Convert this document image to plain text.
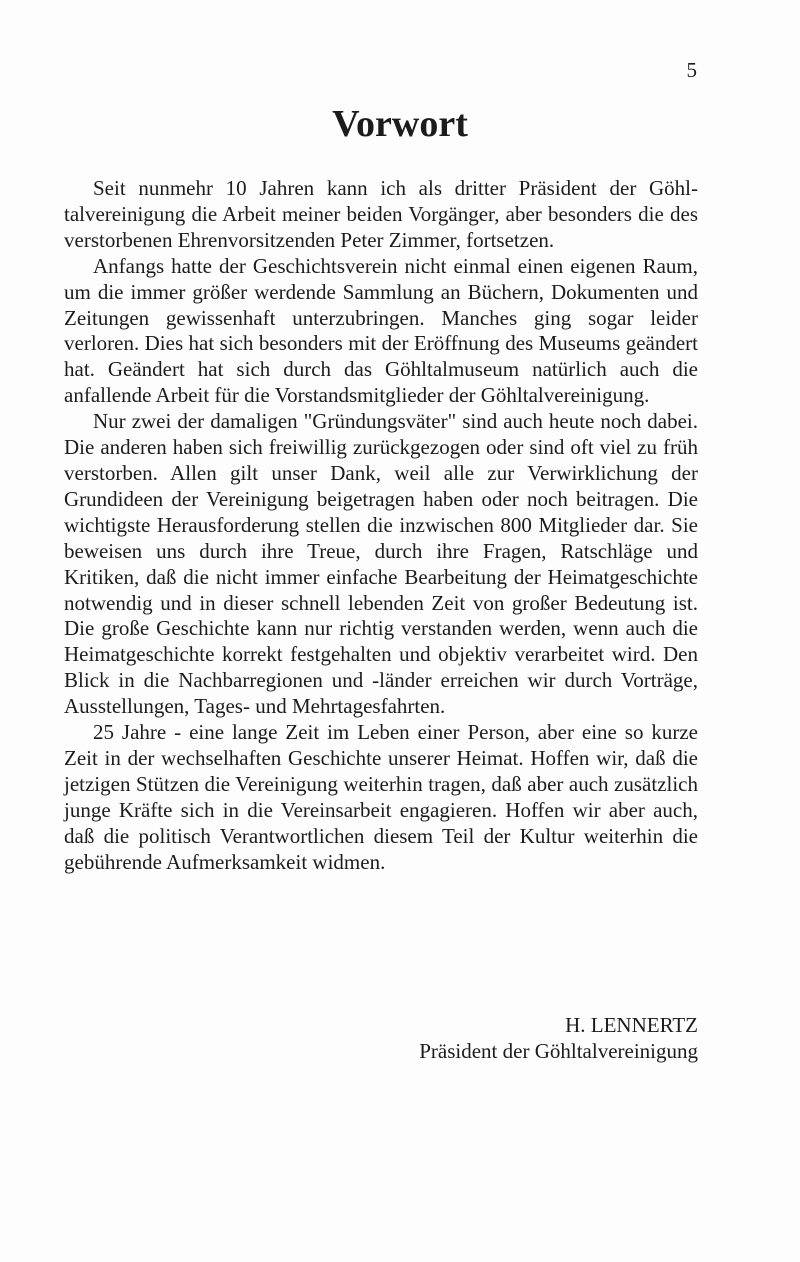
5
Vorwort

Seit nunmehr 10 Jahren kann ich als dritter Präsident der Göhltalvereinigung die Arbeit meiner beiden Vorgänger, aber besonders die des verstorbenen Ehrenvorsitzenden Peter Zimmer, fortsetzen.

Anfangs hatte der Geschichtsverein nicht einmal einen eigenen Raum, um die immer größer werdende Sammlung an Büchern, Dokumenten und Zeitungen gewissenhaft unterzubringen. Manches ging sogar leider verloren. Dies hat sich besonders mit der Eröffnung des Museums geändert hat. Geändert hat sich durch das Göhltalmuseum natürlich auch die anfallende Arbeit für die Vorstandsmitglieder der Göhltalvereinigung.

Nur zwei der damaligen "Gründungsväter" sind auch heute noch dabei. Die anderen haben sich freiwillig zurückgezogen oder sind oft viel zu früh verstorben. Allen gilt unser Dank, weil alle zur Verwirklichung der Grundideen der Vereinigung beigetragen haben oder noch beitragen. Die wichtigste Herausforderung stellen die inzwischen 800 Mitglieder dar. Sie beweisen uns durch ihre Treue, durch ihre Fragen, Ratschläge und Kritiken, daß die nicht immer einfache Bearbeitung der Heimatgeschichte notwendig und in dieser schnell lebenden Zeit von großer Bedeutung ist. Die große Geschichte kann nur richtig verstanden werden, wenn auch die Heimatgeschichte korrekt festgehalten und objektiv verarbeitet wird. Den Blick in die Nachbarregionen und -länder erreichen wir durch Vorträge, Ausstellungen, Tages- und Mehrtagesfahrten.

25 Jahre - eine lange Zeit im Leben einer Person, aber eine so kurze Zeit in der wechselhaften Geschichte unserer Heimat. Hoffen wir, daß die jetzigen Stützen die Vereinigung weiterhin tragen, daß aber auch zusätzlich junge Kräfte sich in die Vereinsarbeit engagieren. Hoffen wir aber auch, daß die politisch Verantwortlichen diesem Teil der Kultur weiterhin die gebührende Aufmerksamkeit widmen.

H. LENNERTZ
Präsident der Göhltalvereinigung
